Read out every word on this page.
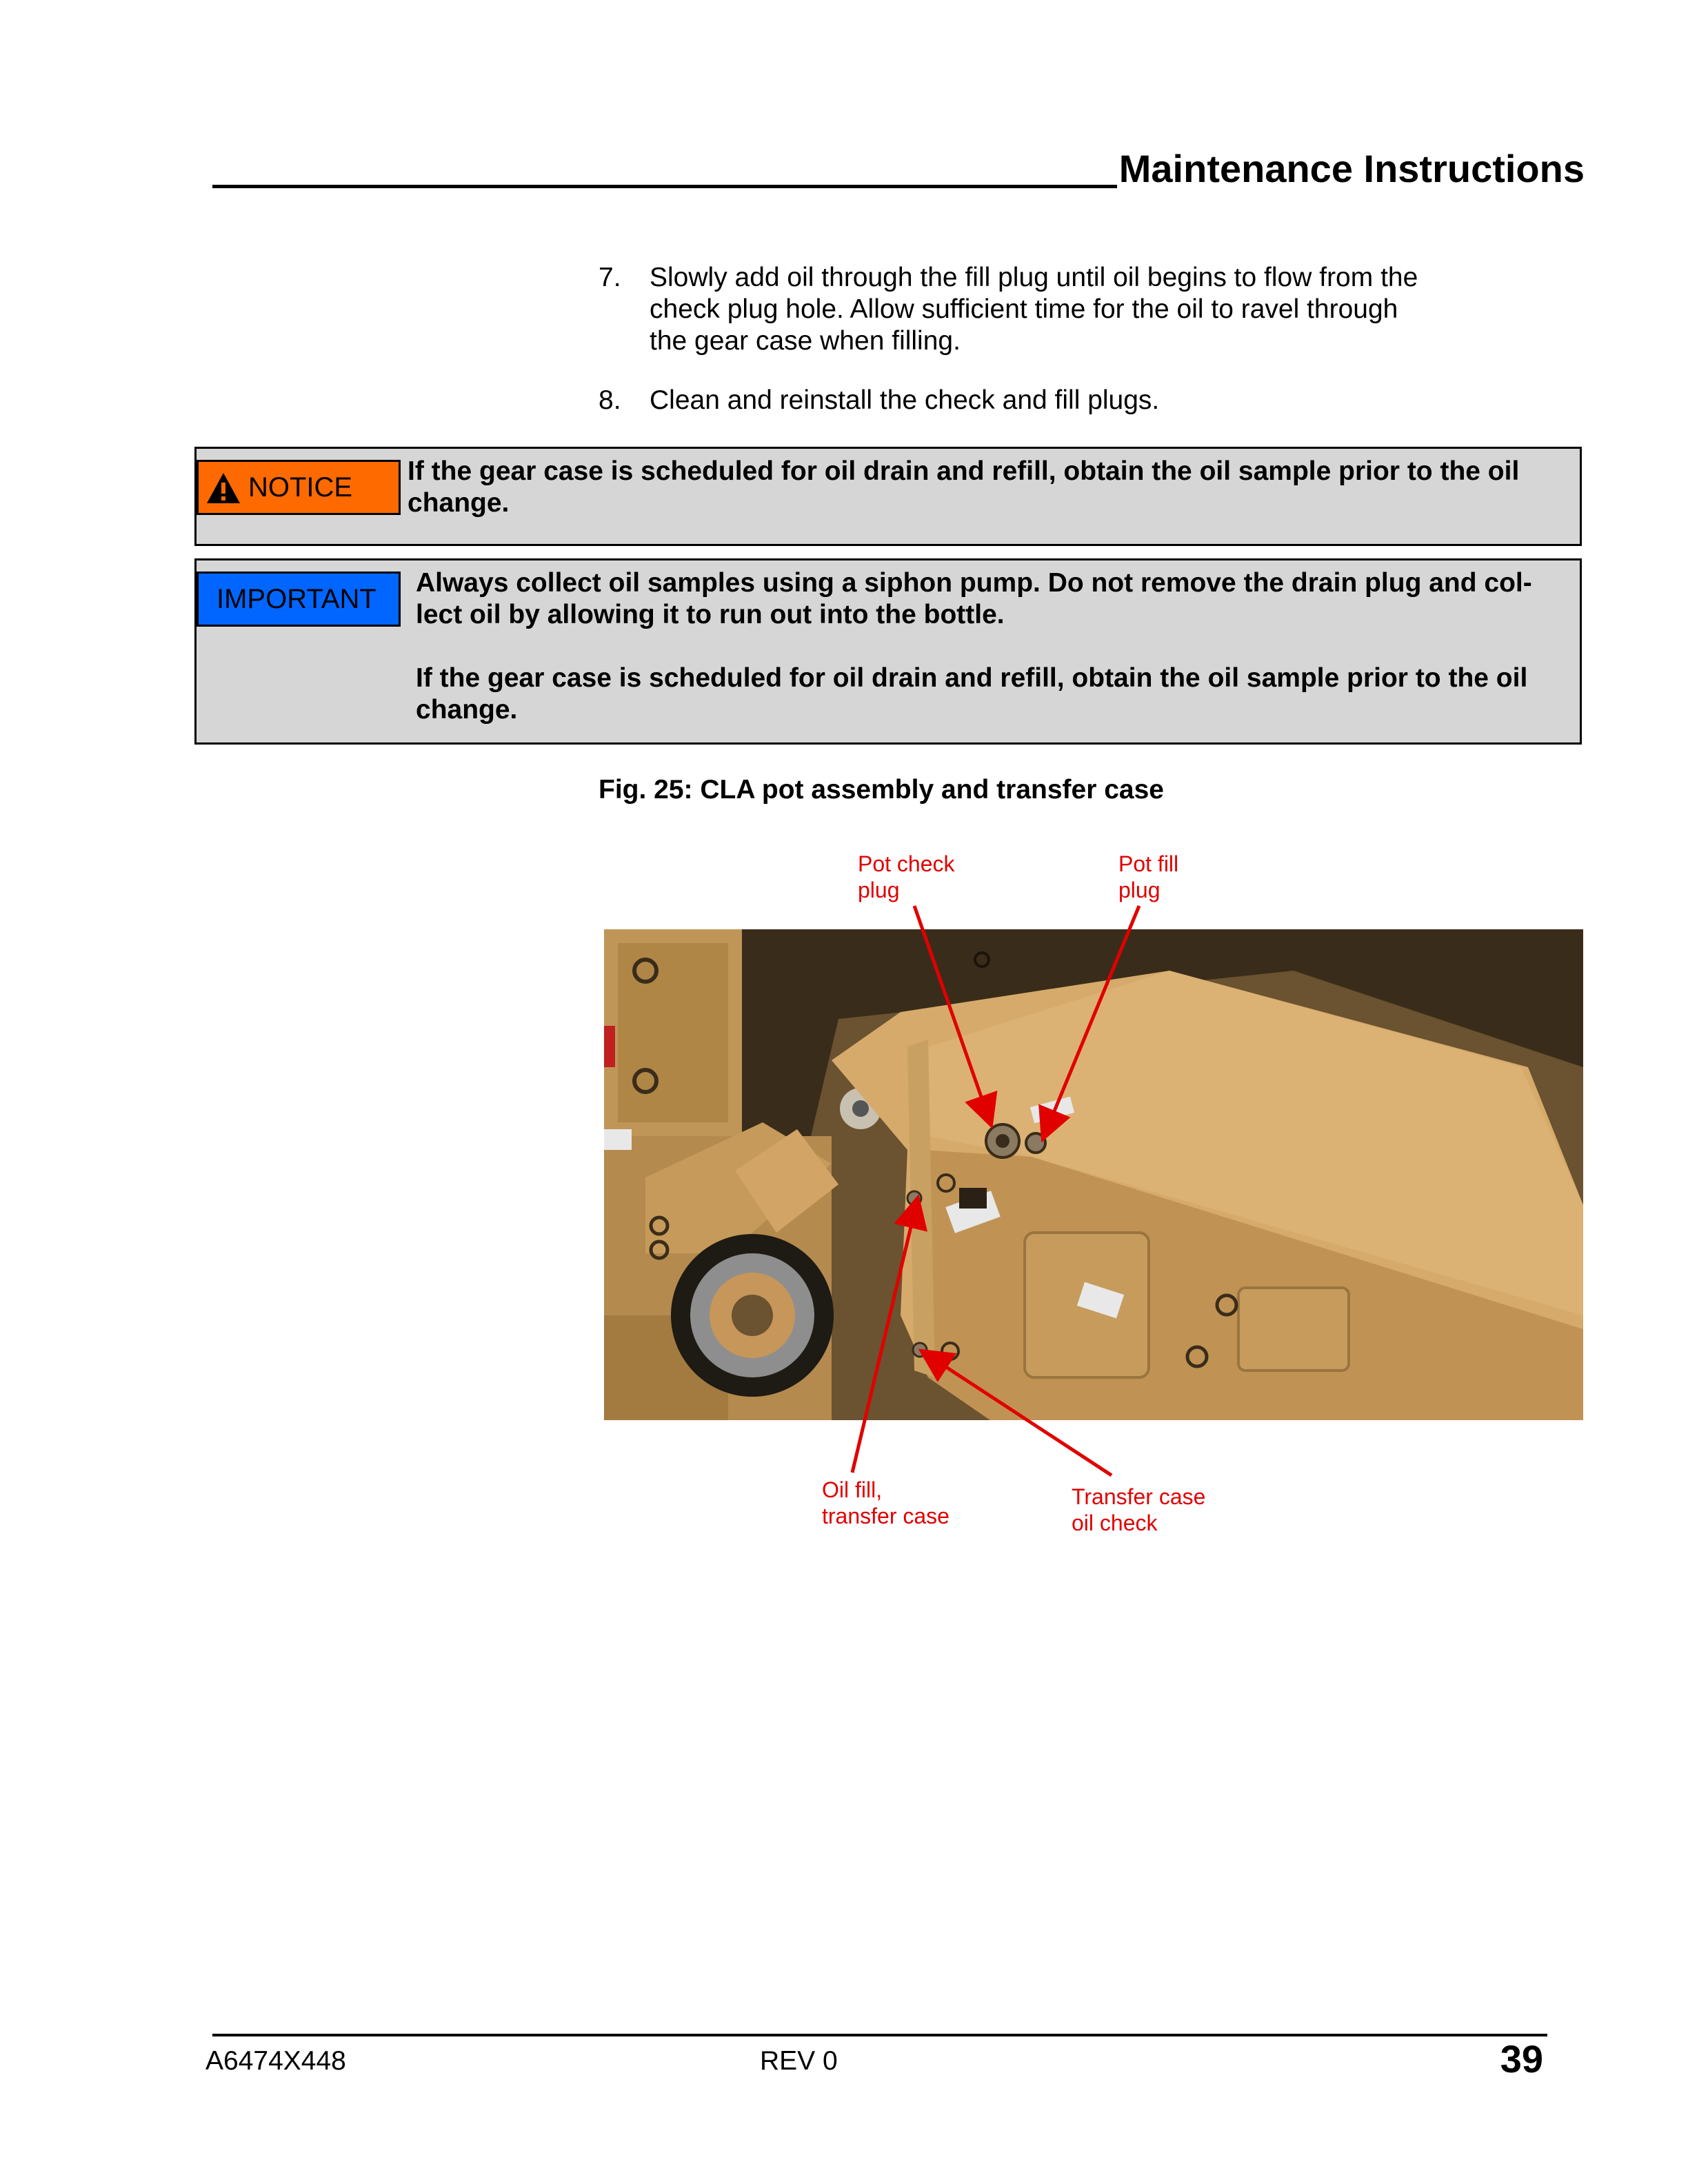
Maintenance Instructions
7.	Slowly add oil through the fill plug until oil begins to flow from the check plug hole. Allow sufficient time for the oil to ravel through the gear case when filling.
8.	Clean and reinstall the check and fill plugs.
NOTICE
If the gear case is scheduled for oil drain and refill, obtain the oil sample prior to the oil change.
IMPORTANT
Always collect oil samples using a siphon pump. Do not remove the drain plug and col-lect oil by allowing it to run out into the bottle.
If the gear case is scheduled for oil drain and refill, obtain the oil sample prior to the oil change.
Fig. 25: CLA pot assembly and transfer case
Pot check
plug
Pot fill
plug
Oil fill,
transfer case
Transfer case
oil check
A6474X448	REV 0	39
